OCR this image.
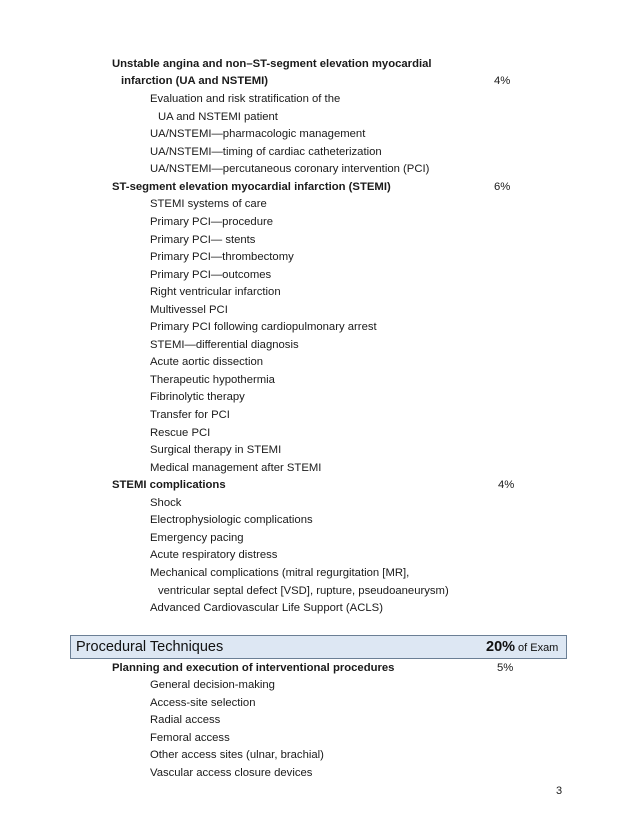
Unstable angina and non–ST-segment elevation myocardial
infarction (UA and NSTEMI)	4%
Evaluation and risk stratification of the
UA and NSTEMI patient
UA/NSTEMI—pharmacologic management
UA/NSTEMI—timing of cardiac catheterization
UA/NSTEMI—percutaneous coronary intervention (PCI)
ST-segment elevation myocardial infarction (STEMI)	6%
STEMI systems of care
Primary PCI—procedure
Primary PCI— stents
Primary PCI—thrombectomy
Primary PCI—outcomes
Right ventricular infarction
Multivessel PCI
Primary PCI following cardiopulmonary arrest
STEMI—differential diagnosis
Acute aortic dissection
Therapeutic hypothermia
Fibrinolytic therapy
Transfer for PCI
Rescue PCI
Surgical therapy in STEMI
Medical management after STEMI
STEMI complications	4%
Shock
Electrophysiologic complications
Emergency pacing
Acute respiratory distress
Mechanical complications (mitral regurgitation [MR],
ventricular septal defect [VSD], rupture, pseudoaneurysm)
Advanced Cardiovascular Life Support (ACLS)
Procedural Techniques	20% of Exam
Planning and execution of interventional procedures	5%
General decision-making
Access-site selection
Radial access
Femoral access
Other access sites (ulnar, brachial)
Vascular access closure devices
3
